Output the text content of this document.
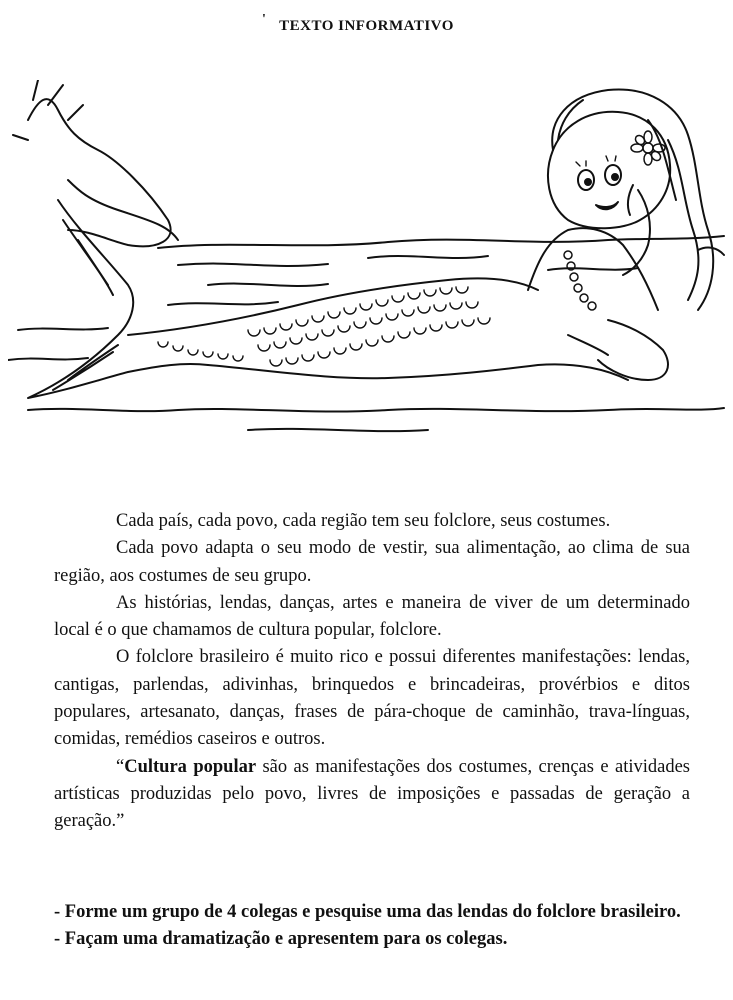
' TEXTO INFORMATIVO

Cada país, cada povo, cada região tem seu folclore, seus costumes.

Cada povo adapta o seu modo de vestir, sua alimentação, ao clima de sua região, aos costumes de seu grupo.

As histórias, lendas, danças, artes e maneira de viver de um determinado local é o que chamamos de cultura popular, folclore.

O folclore brasileiro é muito rico e possui diferentes manifestações: lendas, cantigas, parlendas, adivinhas, brinquedos e brincadeiras, provérbios e ditos populares, artesanato, danças, frases de pára-choque de caminhão, trava-línguas, comidas, remédios caseiros e outros.

“Cultura popular são as manifestações dos costumes, crenças e atividades artísticas produzidas pelo povo, livres de imposições e passadas de geração a geração.”

- Forme um grupo de 4 colegas e pesquise uma das lendas do folclore brasileiro.
- Façam uma dramatização e apresentem para os colegas.
